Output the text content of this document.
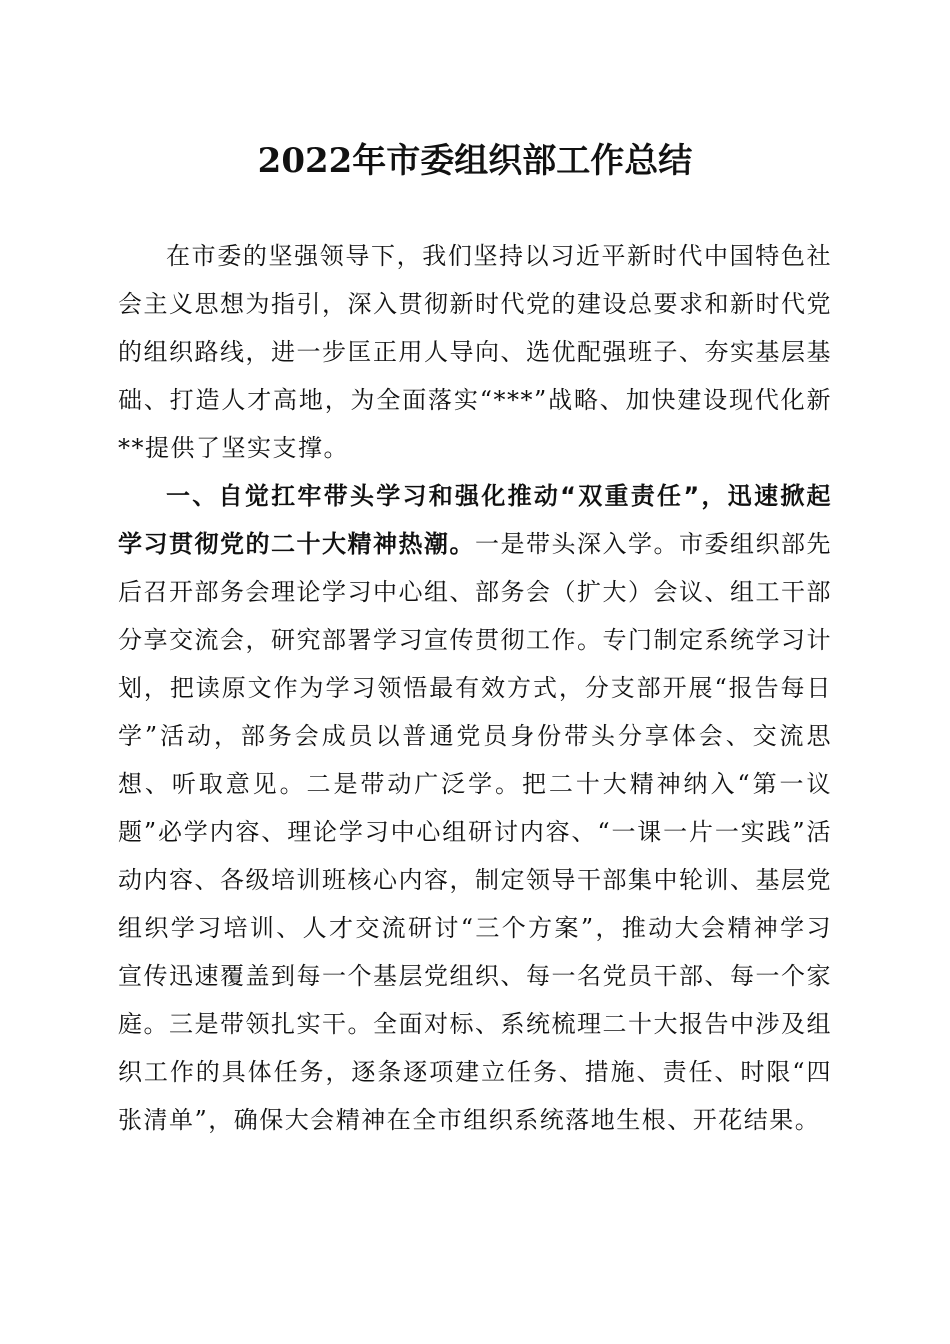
2022年市委组织部工作总结

在市委的坚强领导下，我们坚持以习近平新时代中国特色社会主义思想为指引，深入贯彻新时代党的建设总要求和新时代党的组织路线，进一步匡正用人导向、选优配强班子、夯实基层基础、打造人才高地，为全面落实“***”战略、加快建设现代化新**提供了坚实支撑。

一、自觉扛牢带头学习和强化推动“双重责任”，迅速掀起学习贯彻党的二十大精神热潮。一是带头深入学。市委组织部先后召开部务会理论学习中心组、部务会（扩大）会议、组工干部分享交流会，研究部署学习宣传贯彻工作。专门制定系统学习计划，把读原文作为学习领悟最有效方式，分支部开展“报告每日学”活动，部务会成员以普通党员身份带头分享体会、交流思想、听取意见。二是带动广泛学。把二十大精神纳入“第一议题”必学内容、理论学习中心组研讨内容、“一课一片一实践”活动内容、各级培训班核心内容，制定领导干部集中轮训、基层党组织学习培训、人才交流研讨“三个方案”，推动大会精神学习宣传迅速覆盖到每一个基层党组织、每一名党员干部、每一个家庭。三是带领扎实干。全面对标、系统梳理二十大报告中涉及组织工作的具体任务，逐条逐项建立任务、措施、责任、时限“四张清单”，确保大会精神在全市组织系统落地生根、开花结果。
